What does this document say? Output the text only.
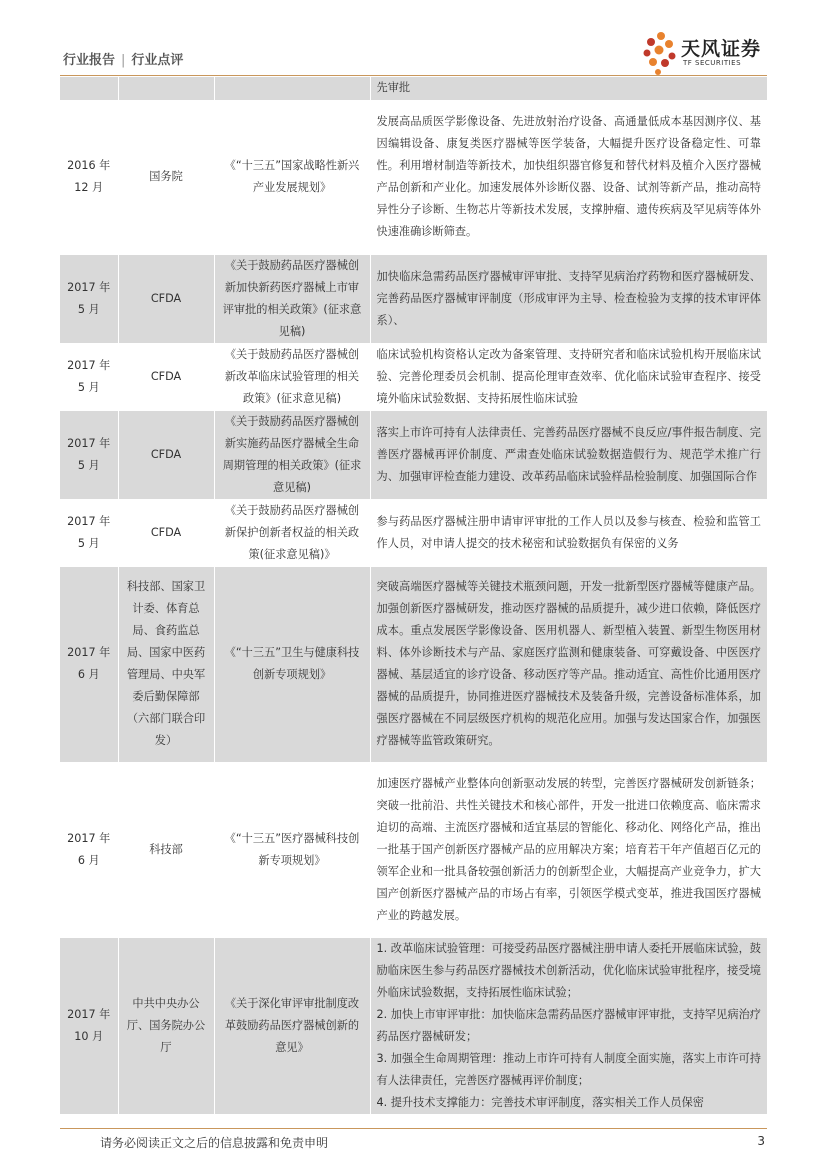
行业报告 | 行业点评
天风证券
TF SECURITIES
			先审批
2016 年 12 月	国务院	《“十三五”国家战略性新兴产业发展规划》	发展高品质医学影像设备、先进放射治疗设备、高通量低成本基因测序仪、基因编辑设备、康复类医疗器械等医学装备，大幅提升医疗设备稳定性、可靠性。利用增材制造等新技术，加快组织器官修复和替代材料及植介入医疗器械产品创新和产业化。加速发展体外诊断仪器、设备、试剂等新产品，推动高特异性分子诊断、生物芯片等新技术发展，支撑肿瘤、遗传疾病及罕见病等体外快速准确诊断筛查。
2017 年 5 月	CFDA	《关于鼓励药品医疗器械创新加快新药医疗器械上市审评审批的相关政策》(征求意见稿)	加快临床急需药品医疗器械审评审批、支持罕见病治疗药物和医疗器械研发、完善药品医疗器械审评制度（形成审评为主导、检查检验为支撑的技术审评体系）、
2017 年 5 月	CFDA	《关于鼓励药品医疗器械创新改革临床试验管理的相关政策》(征求意见稿)	临床试验机构资格认定改为备案管理、支持研究者和临床试验机构开展临床试验、完善伦理委员会机制、提高伦理审查效率、优化临床试验审查程序、接受境外临床试验数据、支持拓展性临床试验
2017 年 5 月	CFDA	《关于鼓励药品医疗器械创新实施药品医疗器械全生命周期管理的相关政策》(征求意见稿)	落实上市许可持有人法律责任、完善药品医疗器械不良反应/事件报告制度、完善医疗器械再评价制度、严肃查处临床试验数据造假行为、规范学术推广行为、加强审评检查能力建设、改革药品临床试验样品检验制度、加强国际合作
2017 年 5 月	CFDA	《关于鼓励药品医疗器械创新保护创新者权益的相关政策(征求意见稿)》	参与药品医疗器械注册申请审评审批的工作人员以及参与核查、检验和监管工作人员，对申请人提交的技术秘密和试验数据负有保密的义务
2017 年 6 月	科技部、国家卫计委、体育总局、食药监总局、国家中医药管理局、中央军委后勤保障部（六部门联合印发）	《“十三五”卫生与健康科技创新专项规划》	突破高端医疗器械等关键技术瓶颈问题，开发一批新型医疗器械等健康产品。加强创新医疗器械研发，推动医疗器械的品质提升，减少进口依赖，降低医疗成本。重点发展医学影像设备、医用机器人、新型植入装置、新型生物医用材料、体外诊断技术与产品、家庭医疗监测和健康装备、可穿戴设备、中医医疗器械、基层适宜的诊疗设备、移动医疗等产品。推动适宜、高性价比通用医疗器械的品质提升，协同推进医疗器械技术及装备升级，完善设备标准体系，加强医疗器械在不同层级医疗机构的规范化应用。加强与发达国家合作，加强医疗器械等监管政策研究。
2017 年 6 月	科技部	《“十三五”医疗器械科技创新专项规划》	加速医疗器械产业整体向创新驱动发展的转型，完善医疗器械研发创新链条；突破一批前沿、共性关键技术和核心部件，开发一批进口依赖度高、临床需求迫切的高端、主流医疗器械和适宜基层的智能化、移动化、网络化产品，推出一批基于国产创新医疗器械产品的应用解决方案；培育若干年产值超百亿元的领军企业和一批具备较强创新活力的创新型企业，大幅提高产业竞争力，扩大国产创新医疗器械产品的市场占有率，引领医学模式变革，推进我国医疗器械产业的跨越发展。
2017 年 10 月	中共中央办公厅、国务院办公厅	《关于深化审评审批制度改革鼓励药品医疗器械创新的意见》	1. 改革临床试验管理：可接受药品医疗器械注册申请人委托开展临床试验，鼓励临床医生参与药品医疗器械技术创新活动，优化临床试验审批程序，接受境外临床试验数据，支持拓展性临床试验；
2. 加快上市审评审批：加快临床急需药品医疗器械审评审批，支持罕见病治疗药品医疗器械研发；
3. 加强全生命周期管理：推动上市许可持有人制度全面实施，落实上市许可持有人法律责任，完善医疗器械再评价制度；
4. 提升技术支撑能力：完善技术审评制度，落实相关工作人员保密
请务必阅读正文之后的信息披露和免责申明	3
